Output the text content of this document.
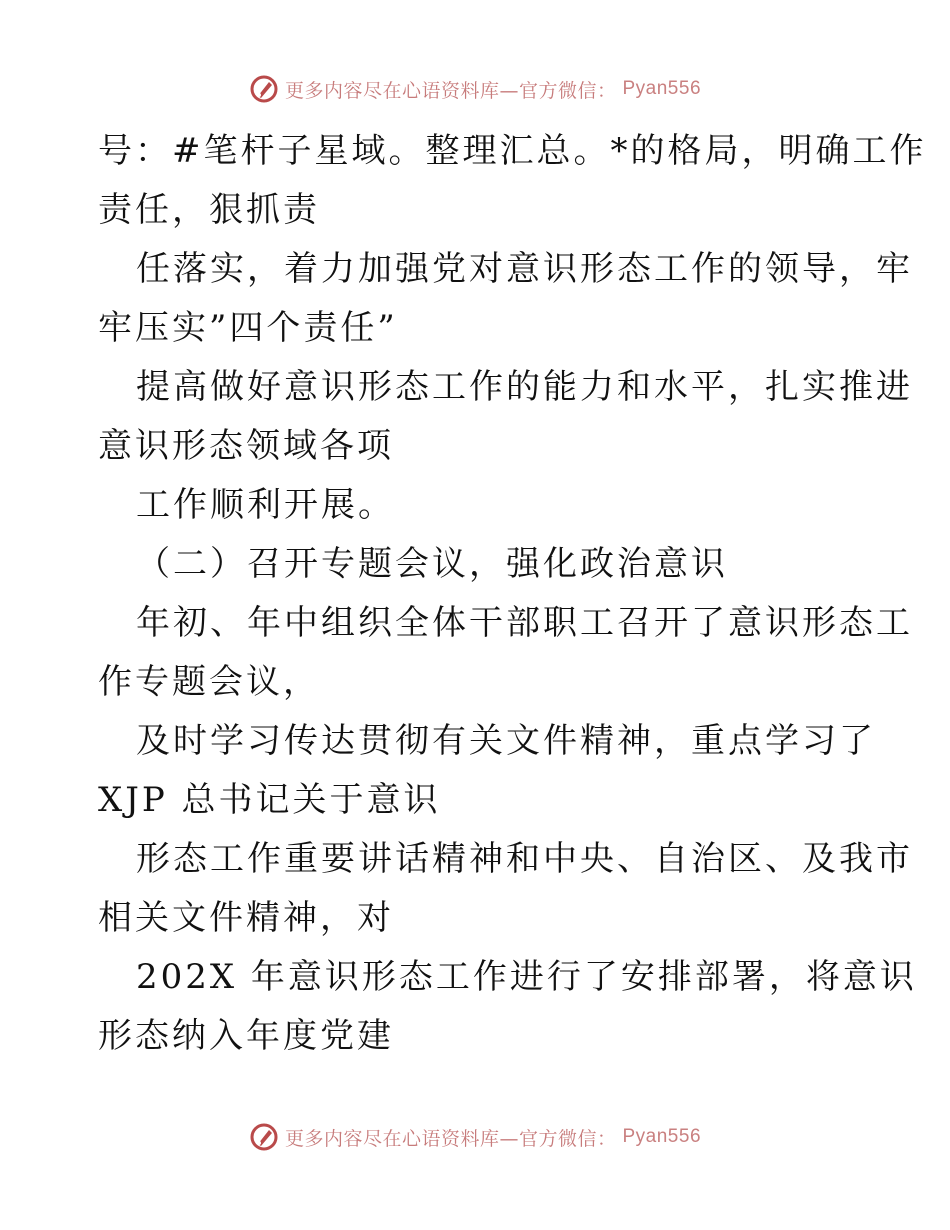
更多内容尽在心语资料库—官方微信： Pyan556
号：#笔杆子星域。整理汇总。*的格局，明确工作
责任，狠抓责
任落实，着力加强党对意识形态工作的领导，牢
牢压实”四个责任”
提高做好意识形态工作的能力和水平，扎实推进
意识形态领域各项
工作顺利开展。
（二）召开专题会议，强化政治意识
年初、年中组织全体干部职工召开了意识形态工
作专题会议，
及时学习传达贯彻有关文件精神，重点学习了
XJP 总书记关于意识
形态工作重要讲话精神和中央、自治区、及我市
相关文件精神，对
202X 年意识形态工作进行了安排部署，将意识
形态纳入年度党建
更多内容尽在心语资料库—官方微信： Pyan556
